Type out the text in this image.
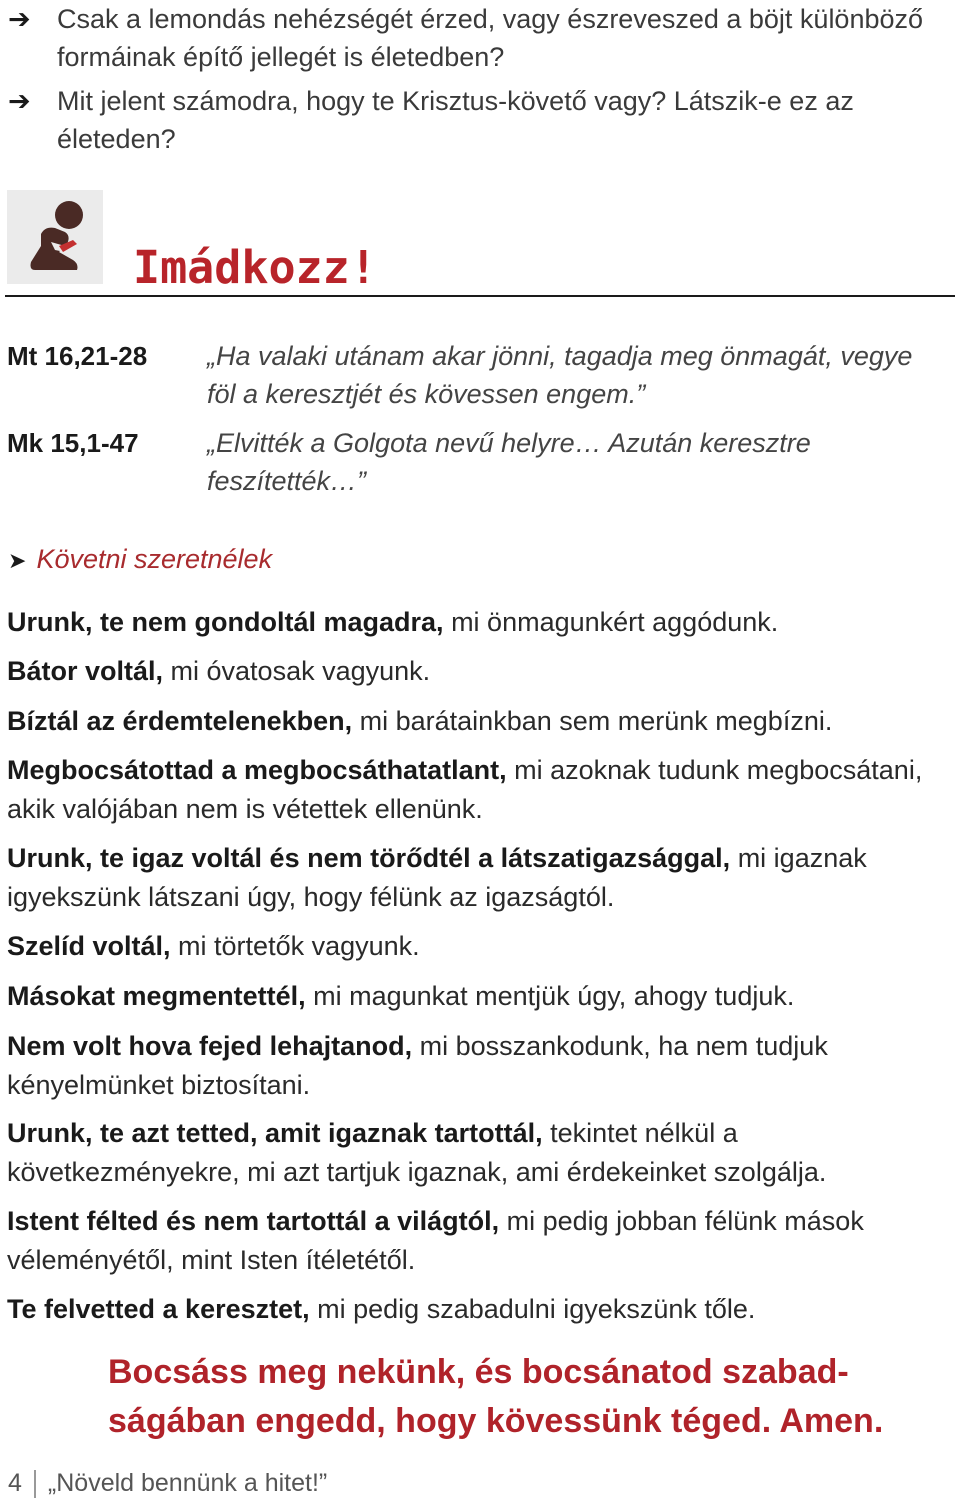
➔ Csak a lemondás nehézségét érzed, vagy észreveszed a böjt különböző formáinak építő jellegét is életedben?
➔ Mit jelent számodra, hogy te Krisztus-követő vagy? Látszik-e ez az életeden?
Imádkozz!
Mt 16,21-28 „Ha valaki utánam akar jönni, tagadja meg önmagát, vegye föl a keresztjét és kövessen engem.”
Mk 15,1-47	„Elvitték a Golgota nevű helyre… Azután keresztre feszítették…”
➤ Követni szeretnélek
Urunk, te nem gondoltál magadra, mi önmagunkért aggódunk.
Bátor voltál, mi óvatosak vagyunk.
Bíztál az érdemtelenekben, mi barátainkban sem merünk megbízni.
Megbocsátottad a megbocsáthatatlant, mi azoknak tudunk megbocsátani, akik valójában nem is vétettek ellenünk.
Urunk, te igaz voltál és nem törődtél a látszatigazsággal, mi igaznak igyekszünk látszani úgy, hogy félünk az igazságtól.
Szelíd voltál, mi törtetők vagyunk.
Másokat megmentettél, mi magunkat mentjük úgy, ahogy tudjuk.
Nem volt hova fejed lehajtanod, mi bosszankodunk, ha nem tudjuk kényelmünket biztosítani.
Urunk, te azt tetted, amit igaznak tartottál, tekintet nélkül a következményekre, mi azt tartjuk igaznak, ami érdekeinket szolgálja.
Istent félted és nem tartottál a világtól, mi pedig jobban félünk mások véleményétől, mint Isten ítéletétől.
Te felvetted a keresztet, mi pedig szabadulni igyekszünk tőle.
Bocsáss meg nekünk, és bocsánatod szabad-
ságában engedd, hogy kövessünk téged. Amen.
4 „Növeld bennünk a hitet!”
